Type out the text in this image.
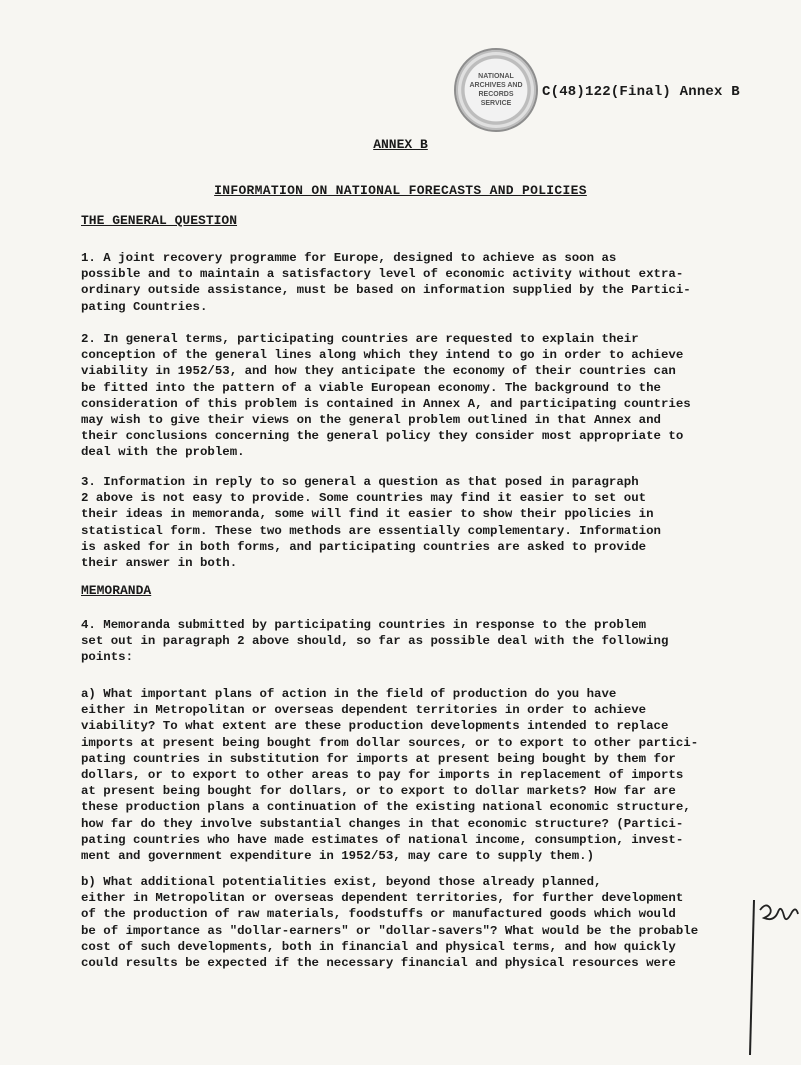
NATIONAL ARCHIVES AND RECORDS SERVICE
C(48)122(Final) Annex B
ANNEX B
INFORMATION ON NATIONAL FORECASTS AND POLICIES
THE GENERAL QUESTION

1. A joint recovery programme for Europe, designed to achieve as soon as
possible and to maintain a satisfactory level of economic activity without extra-
ordinary outside assistance, must be based on information supplied by the Partici-
pating Countries.

2. In general terms, participating countries are requested to explain their
conception of the general lines along which they intend to go in order to achieve
viability in 1952/53, and how they anticipate the economy of their countries can
be fitted into the pattern of a viable European economy. The background to the
consideration of this problem is contained in Annex A, and participating countries
may wish to give their views on the general problem outlined in that Annex and
their conclusions concerning the general policy they consider most appropriate to
deal with the problem.

3. Information in reply to so general a question as that posed in paragraph
2 above is not easy to provide. Some countries may find it easier to set out
their ideas in memoranda, some will find it easier to show their ppolicies in
statistical form. These two methods are essentially complementary. Information
is asked for in both forms, and participating countries are asked to provide
their answer in both.

MEMORANDA

4. Memoranda submitted by participating countries in response to the problem
set out in paragraph 2 above should, so far as possible deal with the following
points:

a) What important plans of action in the field of production do you have
either in Metropolitan or overseas dependent territories in order to achieve
viability? To what extent are these production developments intended to replace
imports at present being bought from dollar sources, or to export to other partici-
pating countries in substitution for imports at present being bought by them for
dollars, or to export to other areas to pay for imports in replacement of imports
at present being bought for dollars, or to export to dollar markets? How far are
these production plans a continuation of the existing national economic structure,
how far do they involve substantial changes in that economic structure? (Partici-
pating countries who have made estimates of national income, consumption, invest-
ment and government expenditure in 1952/53, may care to supply them.)

b) What additional potentialities exist, beyond those already planned,
either in Metropolitan or overseas dependent territories, for further development
of the production of raw materials, foodstuffs or manufactured goods which would
be of importance as "dollar-earners" or "dollar-savers"? What would be the probable
cost of such developments, both in financial and physical terms, and how quickly
could results be expected if the necessary financial and physical resources were
